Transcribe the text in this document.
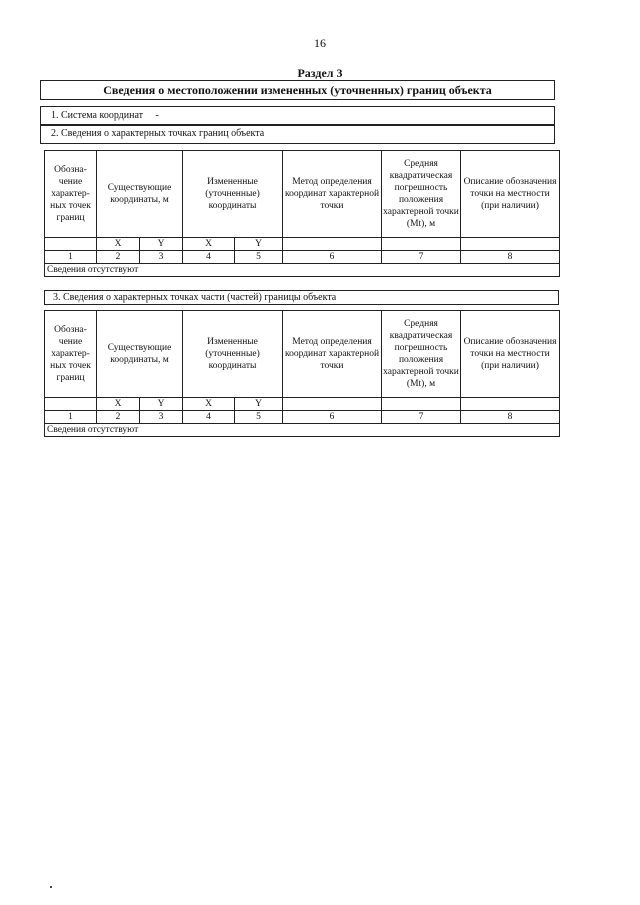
16
Раздел 3
Сведения о местоположении измененных (уточненных) границ объекта
1. Система координат -
2. Сведения о характерных точках границ объекта
Обозна-чение характер-ных точек границ	Существующие координаты, м		Измененные (уточненные) координаты		Метод определения координат характерной точки	Средняя квадратическая погрешность положения характерной точки (Mt), м	Описание обозначения точки на местности (при наличии)
	X	Y	X	Y			
1	2	3	4	5	6	7	8
Сведения отсутствуют							
3. Сведения о характерных точках части (частей) границы объекта
Обозна-чение характер-ных точек границ	Существующие координаты, м		Измененные (уточненные) координаты		Метод определения координат характерной точки	Средняя квадратическая погрешность положения характерной точки (Mt), м	Описание обозначения точки на местности (при наличии)
	X	Y	X	Y			
1	2	3	4	5	6	7	8
Сведения отсутствуют							
